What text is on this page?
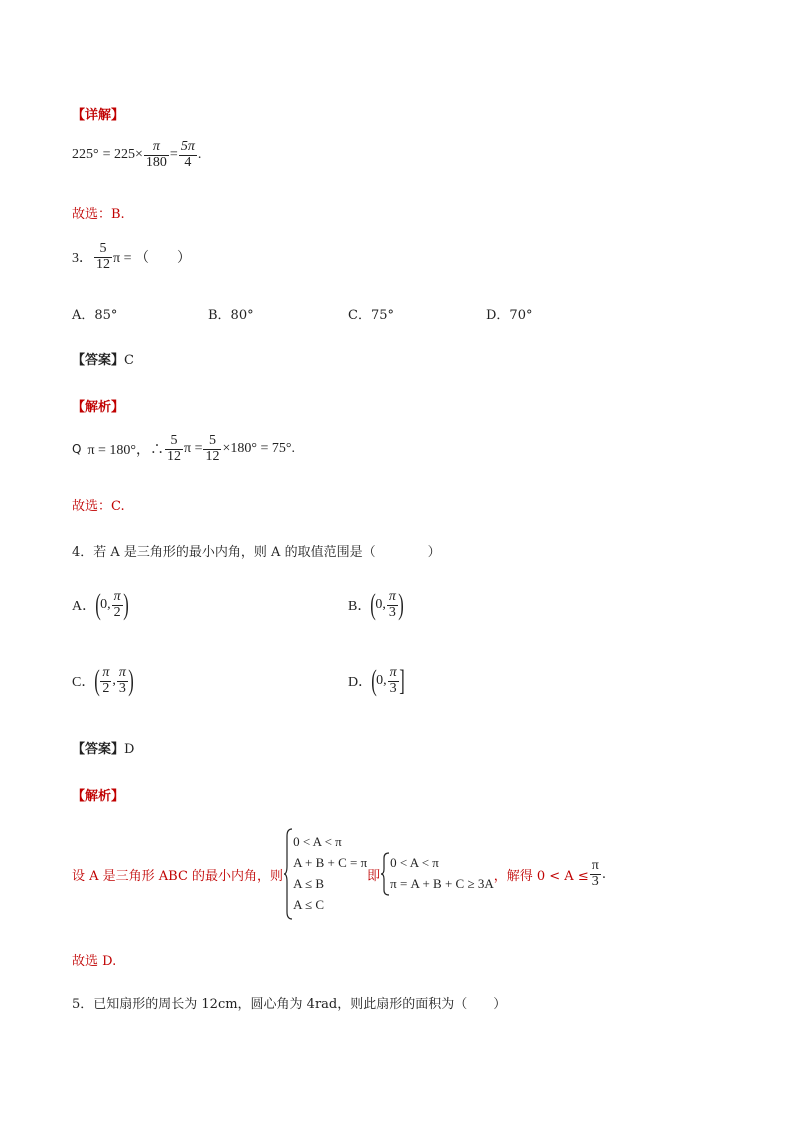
【详解】
$225^\circ = 225\times \frac{\pi}{180} = \frac{5\pi}{4}$ .
故选：B.
3． $\frac{5}{12}$ π = （　　）
A．85°	B．80°	C．75°	D．70°
【答案】C
【解析】
Q π = 180°，∴ $\frac{5}{12}$ $\pi = \frac{5}{12} \times 180^\circ = 75^\circ$.
故选：C.
4．若 A 是三角形的最小内角，则 A 的取值范围是（　　　　）
A． ( 0, $\frac{\pi}{2}$ )	B． ( 0, $\frac{\pi}{3}$ )
C． ( $\frac{\pi}{2}$ , $\frac{\pi}{3}$ )	D． ( 0, $\frac{\pi}{3}$ ]
【答案】D
【解析】
设 A 是三角形 ABC 的最小内角，则
0 < A < π
A + B + C = π
A ≤ B
A ≤ C
即
0 < A < π
π = A + B + C ≥ 3A ，解得 $0 < A \le \frac{\pi}{3}$ .
故选 D.
5．已知扇形的周长为 12cm，圆心角为 4rad，则此扇形的面积为（　　）
